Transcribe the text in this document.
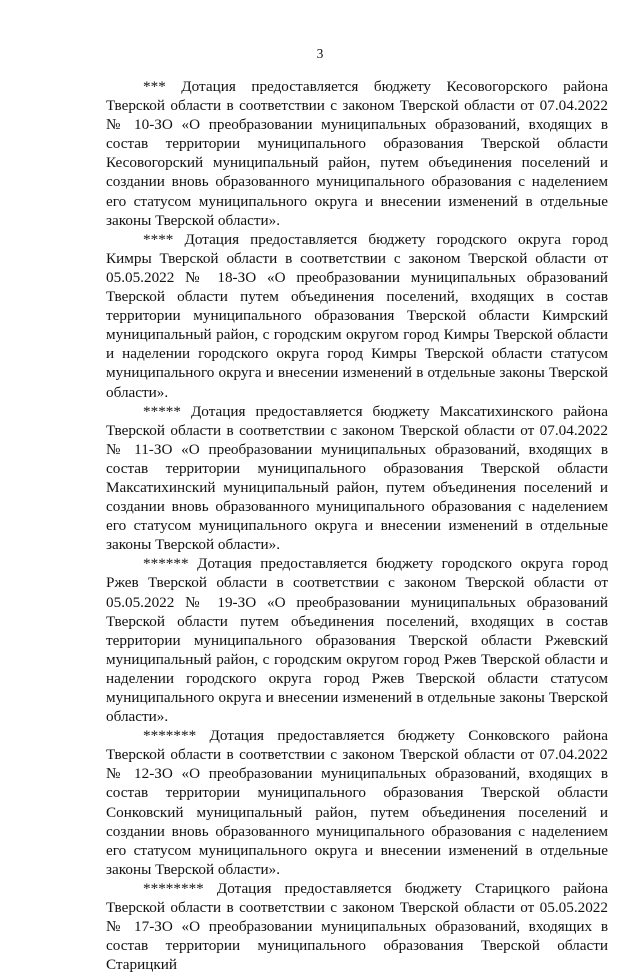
3

*** Дотация предоставляется бюджету Кесовогорского района Тверской области в соответствии с законом Тверской области от 07.04.2022 № 10-ЗО «О преобразовании муниципальных образований, входящих в состав территории муниципального образования Тверской области Кесовогорский муниципальный район, путем объединения поселений и создании вновь образованного муниципального образования с наделением его статусом муниципального округа и внесении изменений в отдельные законы Тверской области».

**** Дотация предоставляется бюджету городского округа город Кимры Тверской области в соответствии с законом Тверской области от 05.05.2022 № 18-ЗО «О преобразовании муниципальных образований Тверской области путем объединения поселений, входящих в состав территории муниципального образования Тверской области Кимрский муниципальный район, с городским округом город Кимры Тверской области и наделении городского округа город Кимры Тверской области статусом муниципального округа и внесении изменений в отдельные законы Тверской области».

***** Дотация предоставляется бюджету Максатихинского района Тверской области в соответствии с законом Тверской области от 07.04.2022 № 11-ЗО «О преобразовании муниципальных образований, входящих в состав территории муниципального образования Тверской области Максатихинский муниципальный район, путем объединения поселений и создании вновь образованного муниципального образования с наделением его статусом муниципального округа и внесении изменений в отдельные законы Тверской области».

****** Дотация предоставляется бюджету городского округа город Ржев Тверской области в соответствии с законом Тверской области от 05.05.2022 № 19-ЗО «О преобразовании муниципальных образований Тверской области путем объединения поселений, входящих в состав территории муниципального образования Тверской области Ржевский муниципальный район, с городским округом город Ржев Тверской области и наделении городского округа город Ржев Тверской области статусом муниципального округа и внесении изменений в отдельные законы Тверской области».

******* Дотация предоставляется бюджету Сонковского района Тверской области в соответствии с законом Тверской области от 07.04.2022 № 12-ЗО «О преобразовании муниципальных образований, входящих в состав территории муниципального образования Тверской области Сонковский муниципальный район, путем объединения поселений и создании вновь образованного муниципального образования с наделением его статусом муниципального округа и внесении изменений в отдельные законы Тверской области».

******** Дотация предоставляется бюджету Старицкого района Тверской области в соответствии с законом Тверской области от 05.05.2022 № 17-ЗО «О преобразовании муниципальных образований, входящих в состав территории муниципального образования Тверской области Старицкий
